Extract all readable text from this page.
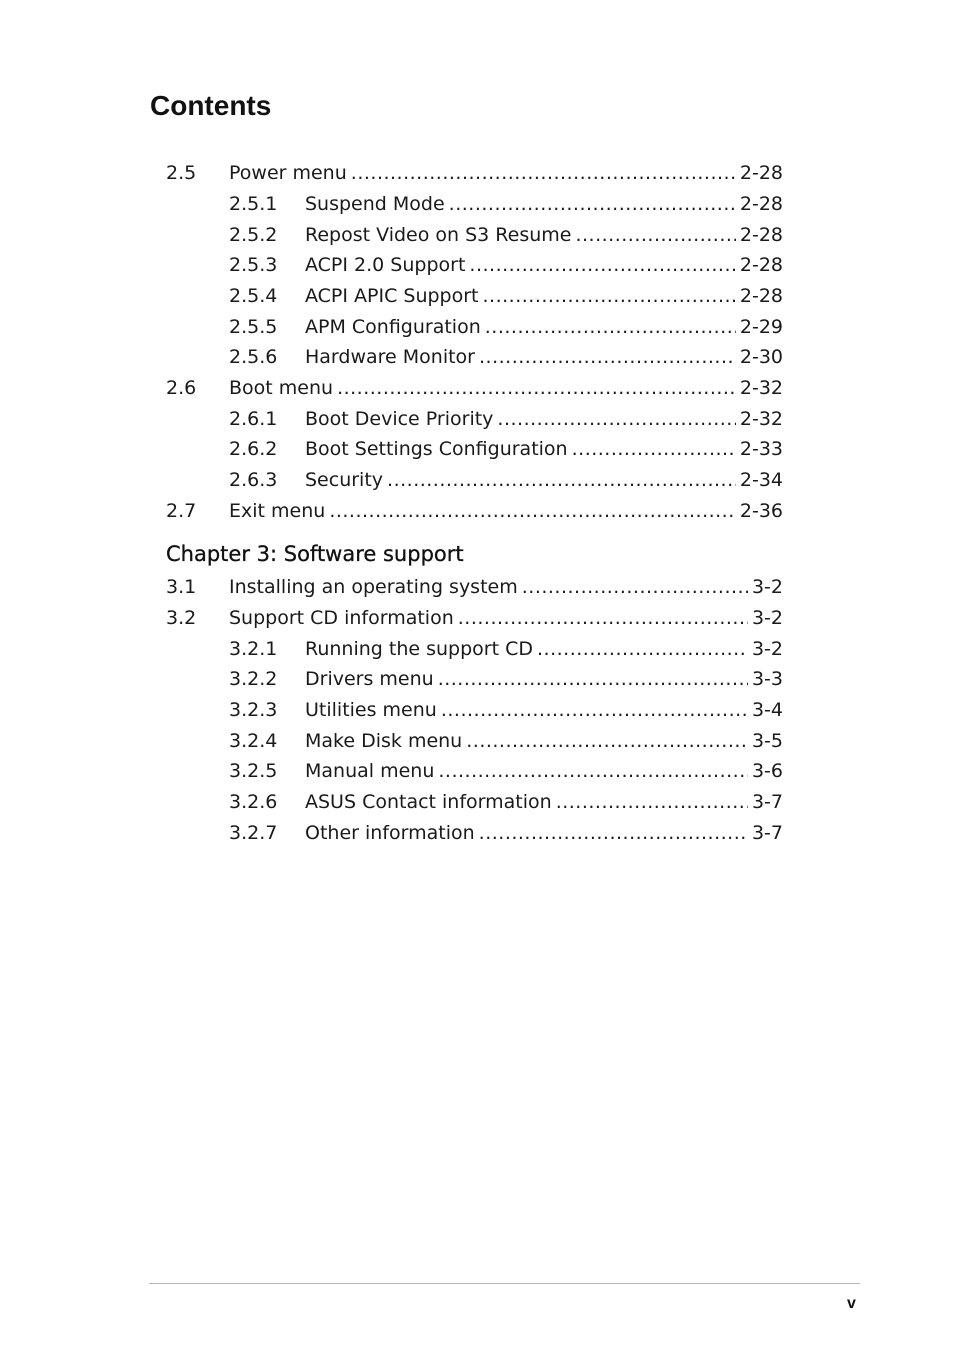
Contents
2.5	Power menu .....	2-28
2.5.1	Suspend Mode .....	2-28
2.5.2	Repost Video on S3 Resume .....	2-28
2.5.3	ACPI 2.0 Support .....	2-28
2.5.4	ACPI APIC Support .....	2-28
2.5.5	APM Configuration .....	2-29
2.5.6	Hardware Monitor .....	2-30
2.6	Boot menu .....	2-32
2.6.1	Boot Device Priority .....	2-32
2.6.2	Boot Settings Configuration .....	2-33
2.6.3	Security .....	2-34
2.7	Exit menu .....	2-36
Chapter 3: Software support
3.1	Installing an operating system .....	3-2
3.2	Support CD information .....	3-2
3.2.1	Running the support CD .....	3-2
3.2.2	Drivers menu .....	3-3
3.2.3	Utilities menu .....	3-4
3.2.4	Make Disk menu .....	3-5
3.2.5	Manual menu .....	3-6
3.2.6	ASUS Contact information .....	3-7
3.2.7	Other information .....	3-7
v
